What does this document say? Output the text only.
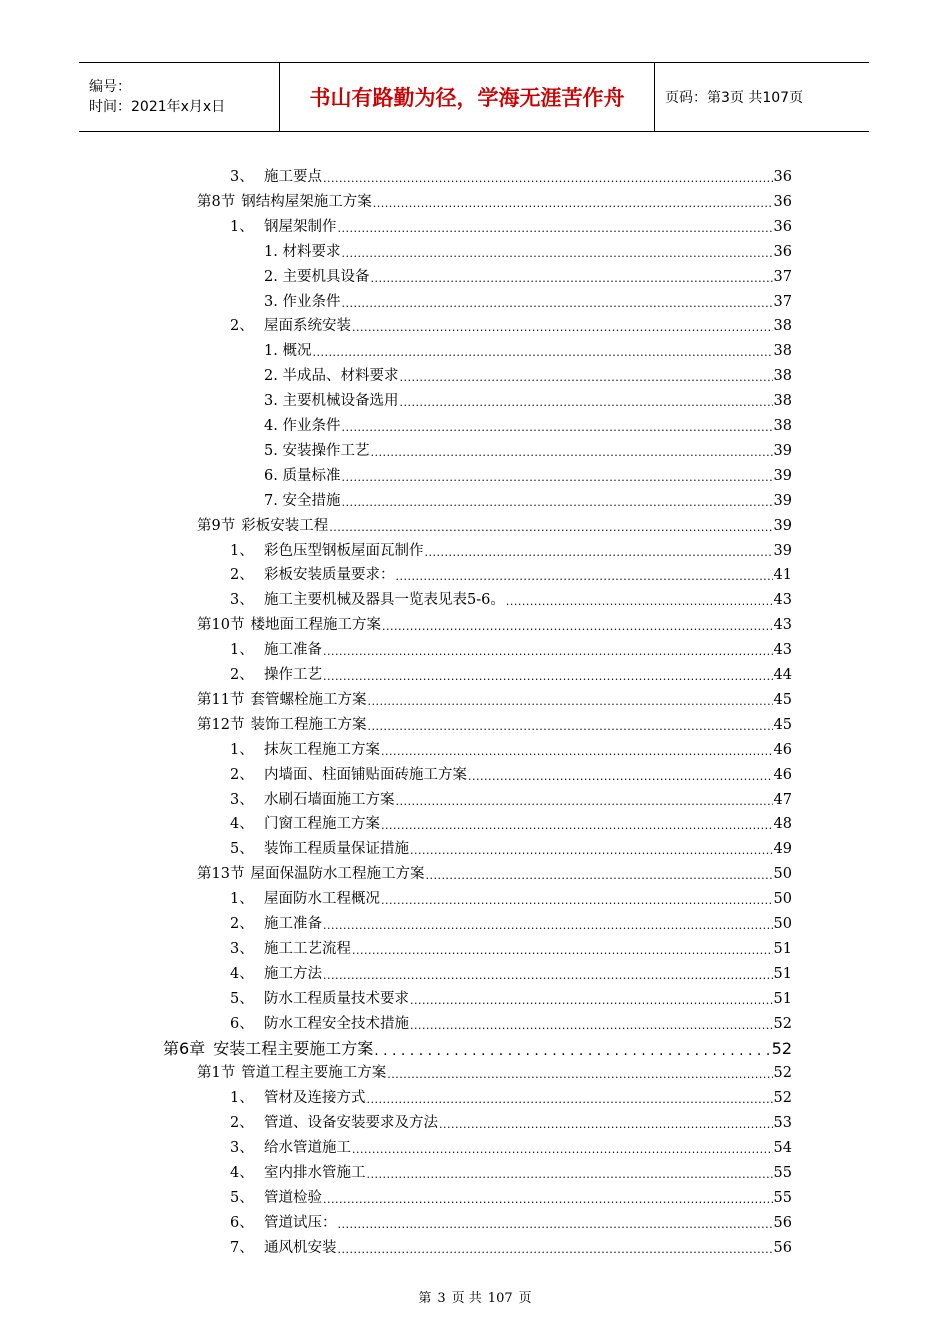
编号：
时间：2021年x月x日	书山有路勤为径，学海无涯苦作舟	页码：第3页 共107页
3、 施工要点 .....	36
第8节 钢结构屋架施工方案 .....	36
1、 钢屋架制作 .....	36
1. 材料要求 .....	36
2. 主要机具设备 .....	37
3. 作业条件 .....	37
2、 屋面系统安装 .....	38
1. 概况 .....	38
2. 半成品、材料要求 .....	38
3. 主要机械设备选用 .....	38
4. 作业条件 .....	38
5. 安装操作工艺 .....	39
6. 质量标准 .....	39
7. 安全措施 .....	39
第9节 彩板安装工程 .....	39
1、 彩色压型钢板屋面瓦制作 .....	39
2、 彩板安装质量要求： .....	41
3、 施工主要机械及器具一览表见表5-6。 .....	43
第10节 楼地面工程施工方案 .....	43
1、 施工准备 .....	43
2、 操作工艺 .....	44
第11节 套管螺栓施工方案 .....	45
第12节 装饰工程施工方案 .....	45
1、 抹灰工程施工方案 .....	46
2、 内墙面、柱面铺贴面砖施工方案 .....	46
3、 水刷石墙面施工方案 .....	47
4、 门窗工程施工方案 .....	48
5、 装饰工程质量保证措施 .....	49
第13节 屋面保温防水工程施工方案 .....	50
1、 屋面防水工程概况 .....	50
2、 施工准备 .....	50
3、 施工工艺流程 .....	51
4、 施工方法 .....	51
5、 防水工程质量技术要求 .....	51
6、 防水工程安全技术措施 .....	52
第6章 安装工程主要施工方案 . . .	52
第1节 管道工程主要施工方案 .....	52
1、 管材及连接方式 .....	52
2、 管道、设备安装要求及方法 .....	53
3、 给水管道施工 .....	54
4、 室内排水管施工 .....	55
5、 管道检验 .....	55
6、 管道试压： .....	56
7、 通风机安装 .....	56
第 3 页 共 107 页
